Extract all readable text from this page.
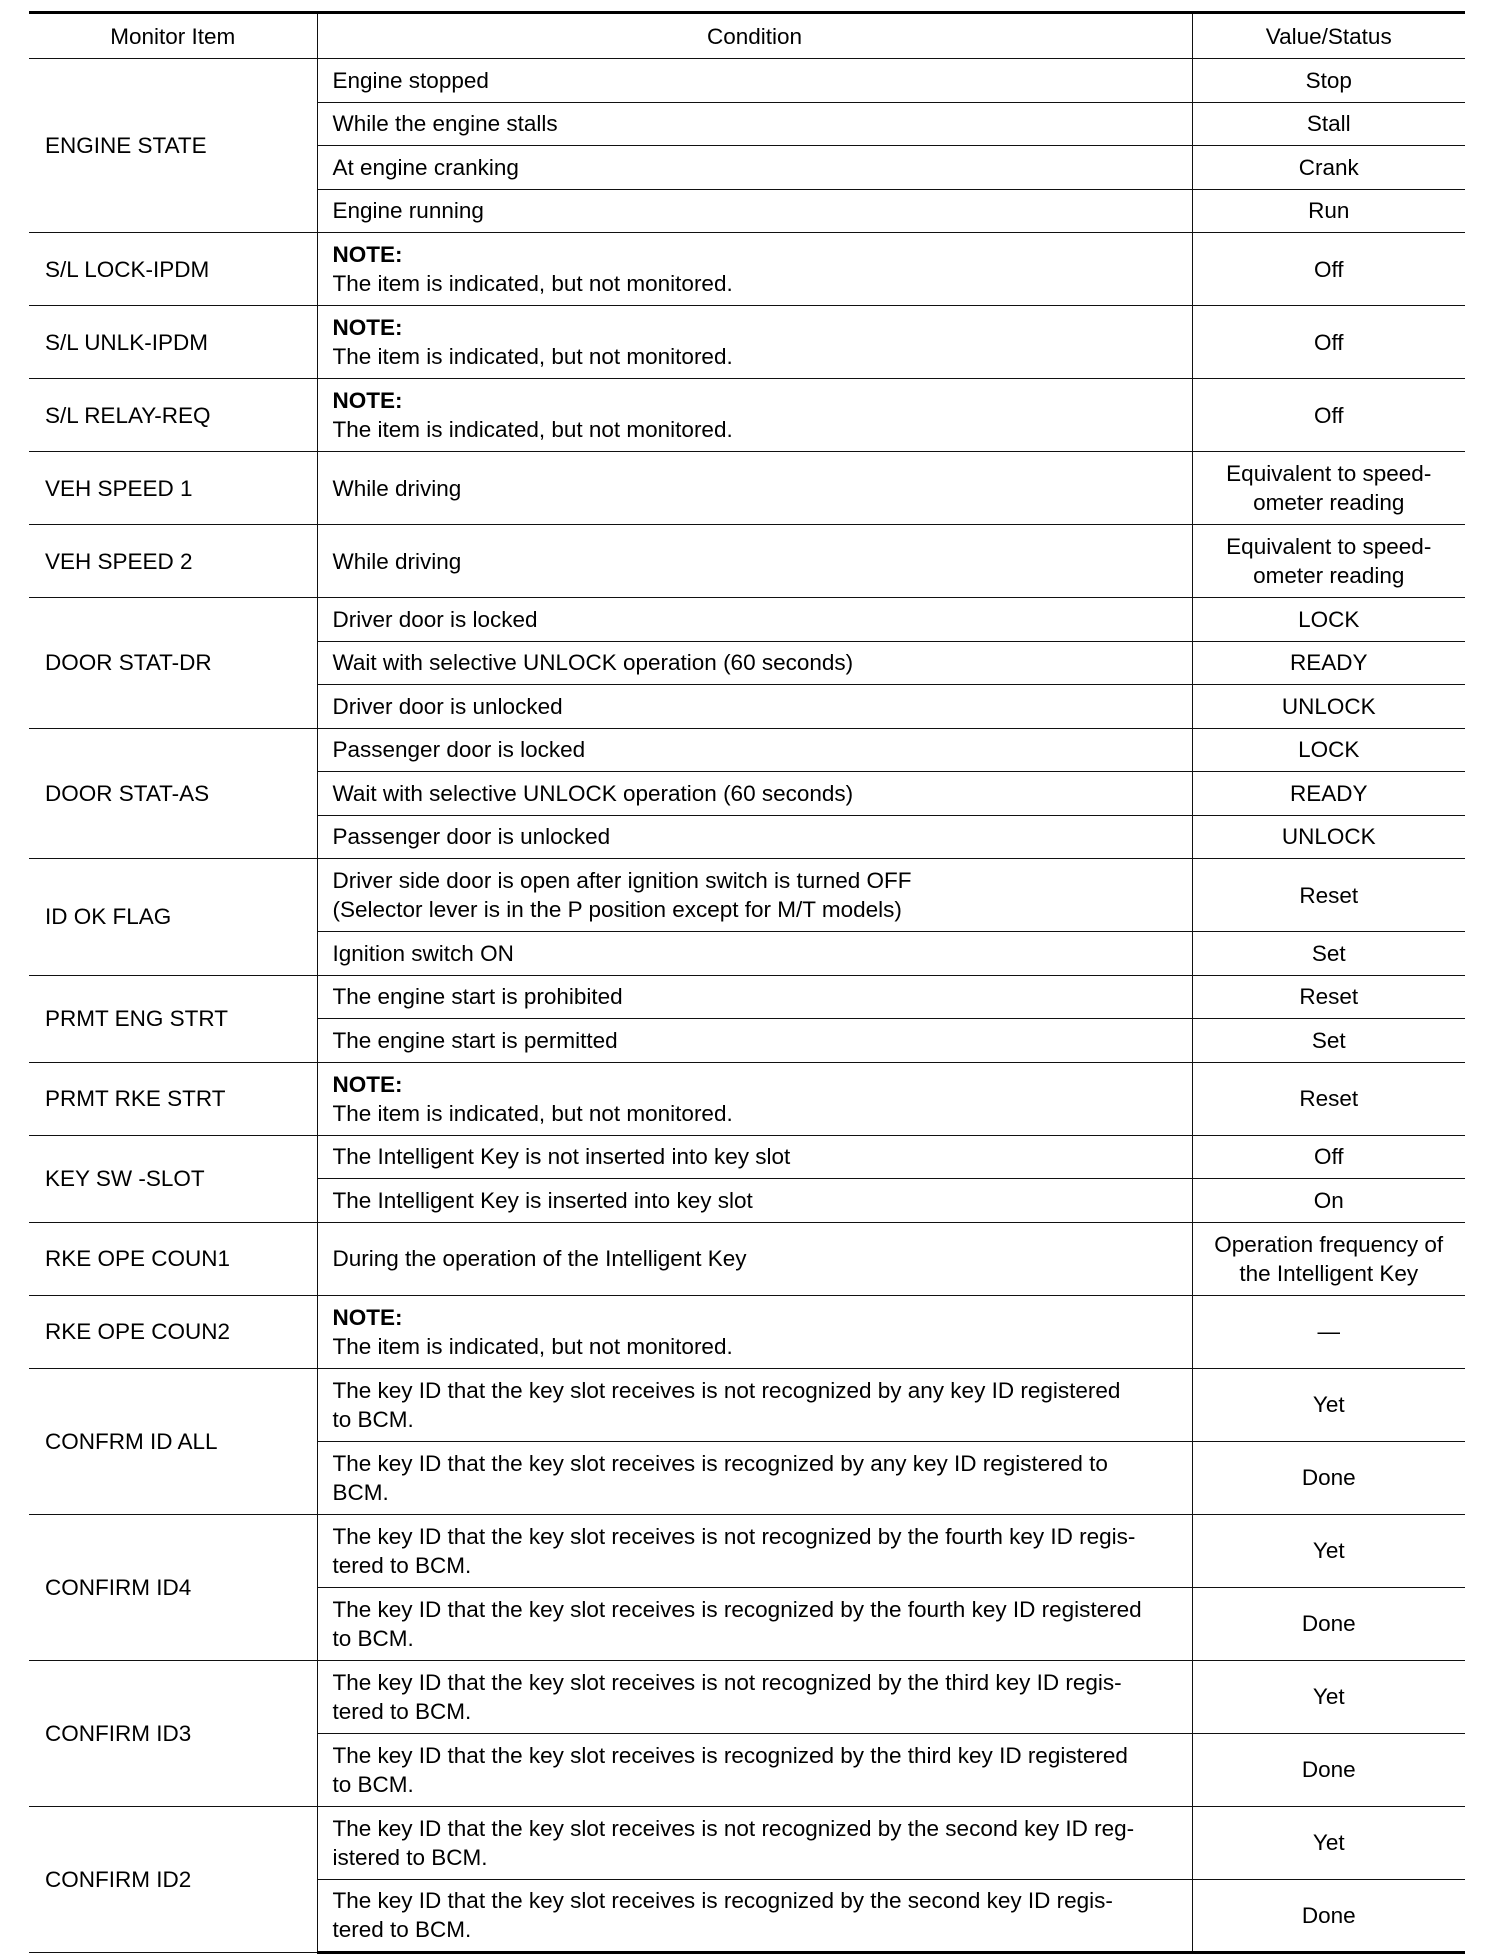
Monitor Item	Condition	Value/Status
ENGINE STATE	Engine stopped	Stop

	While the engine stalls	Stall

	At engine cranking	Crank

	Engine running	Run

S/L LOCK-IPDM	NOTE:
The item is indicated, but not monitored.	Off

S/L UNLK-IPDM	NOTE:
The item is indicated, but not monitored.	Off

S/L RELAY-REQ	NOTE:
The item is indicated, but not monitored.	Off

VEH SPEED 1	While driving	Equivalent to speed-
ometer reading

VEH SPEED 2	While driving	Equivalent to speed-
ometer reading

DOOR STAT-DR	Driver door is locked	LOCK

	Wait with selective UNLOCK operation (60 seconds)	READY

	Driver door is unlocked	UNLOCK

DOOR STAT-AS	Passenger door is locked	LOCK

	Wait with selective UNLOCK operation (60 seconds)	READY

	Passenger door is unlocked	UNLOCK

ID OK FLAG	Driver side door is open after ignition switch is turned OFF
(Selector lever is in the P position except for M/T models)	Reset

	Ignition switch ON	Set

PRMT ENG STRT	The engine start is prohibited	Reset

	The engine start is permitted	Set

PRMT RKE STRT	NOTE:
The item is indicated, but not monitored.	Reset

KEY SW -SLOT	The Intelligent Key is not inserted into key slot	Off

	The Intelligent Key is inserted into key slot	On

RKE OPE COUN1	During the operation of the Intelligent Key	Operation frequency of
the Intelligent Key

RKE OPE COUN2	NOTE:
The item is indicated, but not monitored.	—

CONFRM ID ALL	The key ID that the key slot receives is not recognized by any key ID registered
to BCM.	Yet

	The key ID that the key slot receives is recognized by any key ID registered to
BCM.	Done

CONFIRM ID4	The key ID that the key slot receives is not recognized by the fourth key ID regis-
tered to BCM.	Yet

	The key ID that the key slot receives is recognized by the fourth key ID registered
to BCM.	Done

CONFIRM ID3	The key ID that the key slot receives is not recognized by the third key ID regis-
tered to BCM.	Yet

	The key ID that the key slot receives is recognized by the third key ID registered
to BCM.	Done

CONFIRM ID2	The key ID that the key slot receives is not recognized by the second key ID reg-
istered to BCM.	Yet

	The key ID that the key slot receives is recognized by the second key ID regis-
tered to BCM.	Done
